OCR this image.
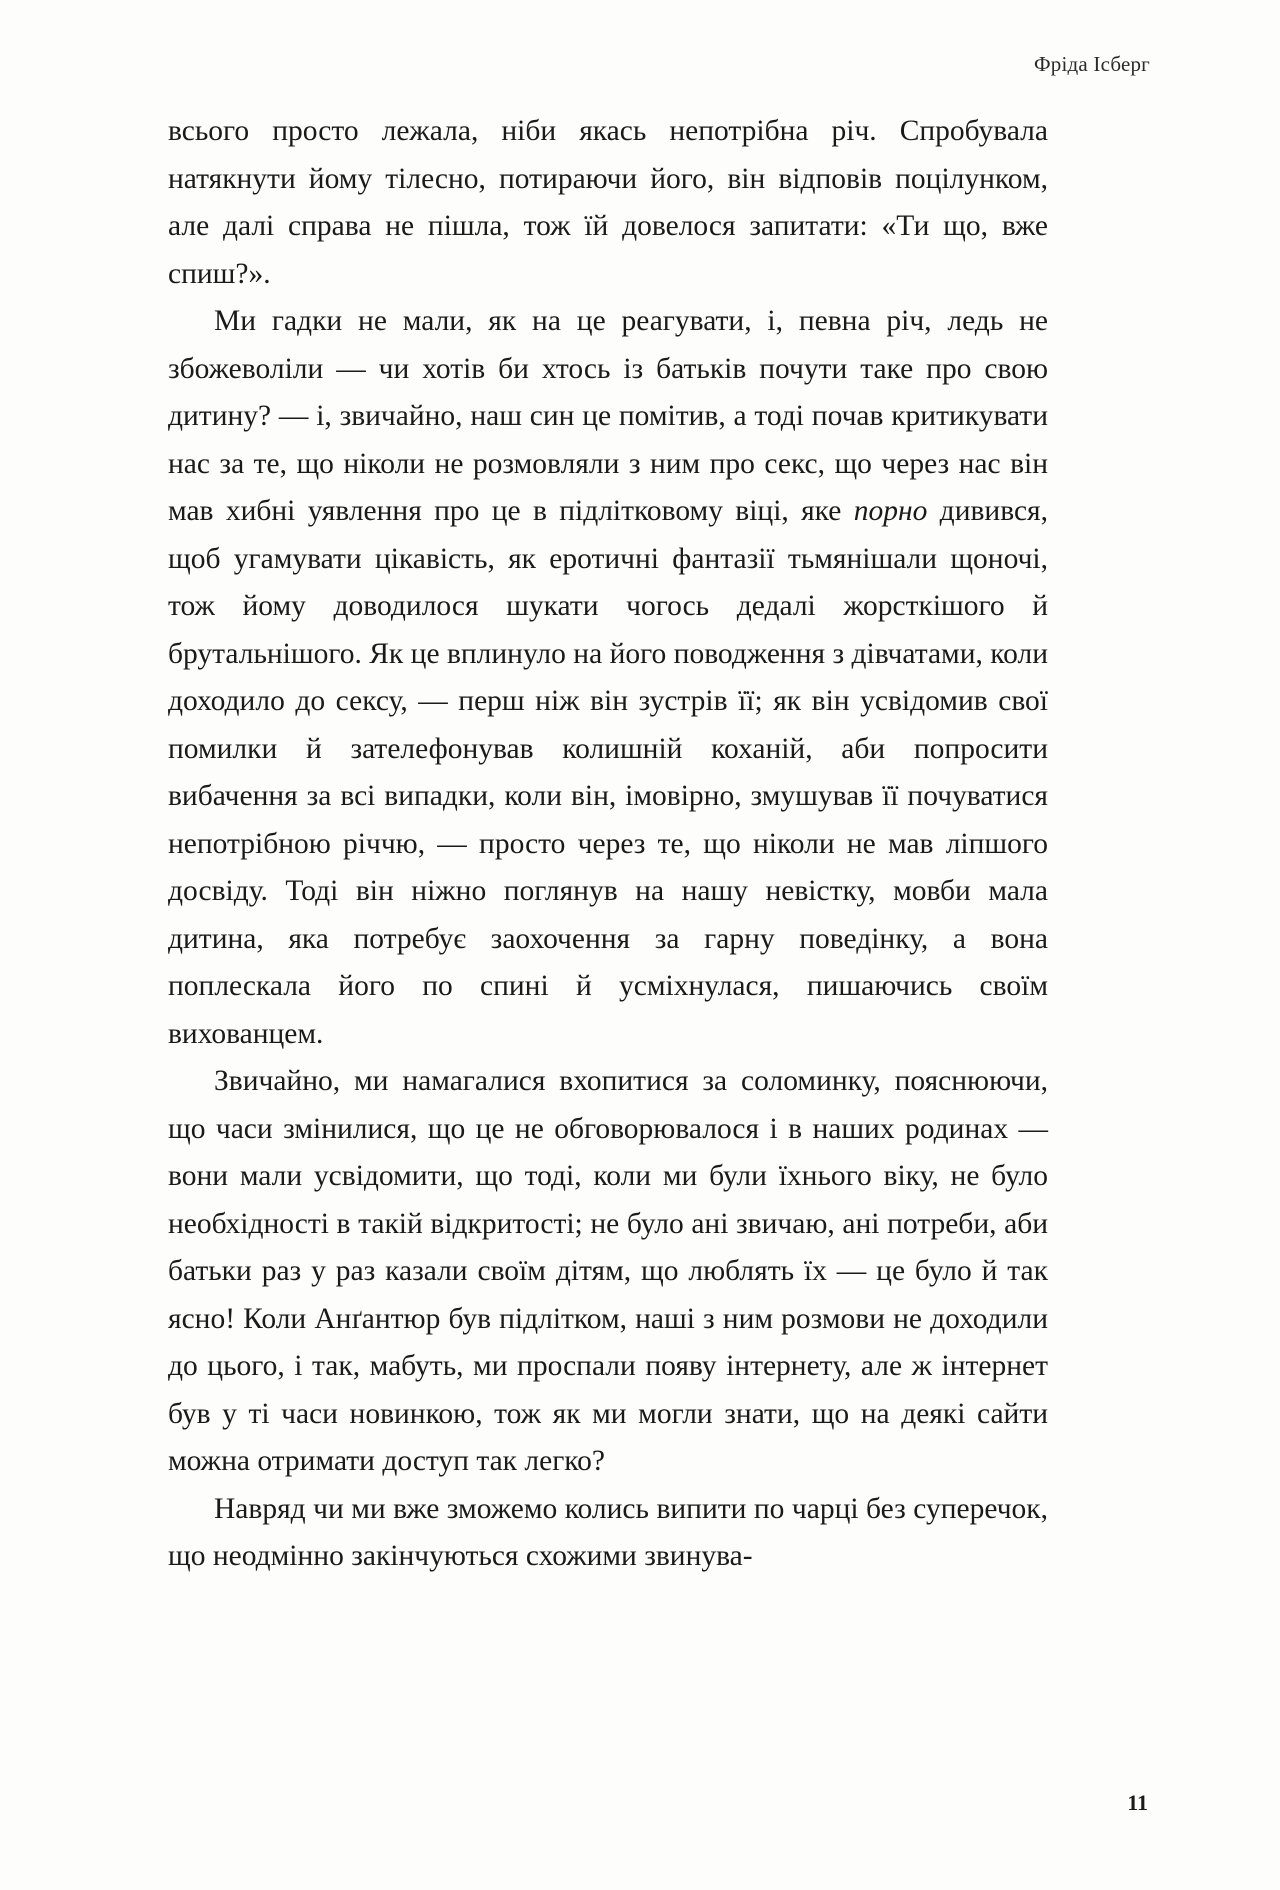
Фріда Ісберг

всього просто лежала, ніби якась непотрібна річ. Спробувала натякнути йому тілесно, потираючи його, він відповів поцілунком, але далі справа не пішла, тож їй довелося запитати: «Ти що, вже спиш?».

Ми гадки не мали, як на це реагувати, і, певна річ, ледь не збожеволіли — чи хотів би хтось із батьків почути таке про свою дитину? — і, звичайно, наш син це помітив, а тоді почав критикувати нас за те, що ніколи не розмовляли з ним про секс, що через нас він мав хибні уявлення про це в підлітковому віці, яке порно дивився, щоб угамувати цікавість, як еротичні фантазії тьмянішали щоночі, тож йому доводилося шукати чогось дедалі жорсткішого й брутальнішого. Як це вплинуло на його поводження з дівчатами, коли доходило до сексу, — перш ніж він зустрів її; як він усвідомив свої помилки й зателефонував колишній коханій, аби попросити вибачення за всі випадки, коли він, імовірно, змушував її почуватися непотрібною річчю, — просто через те, що ніколи не мав ліпшого досвіду. Тоді він ніжно поглянув на нашу невістку, мовби мала дитина, яка потребує заохочення за гарну поведінку, а вона поплескала його по спині й усміхнулася, пишаючись своїм вихованцем.

Звичайно, ми намагалися вхопитися за соломинку, пояснюючи, що часи змінилися, що це не обговорювалося і в наших родинах — вони мали усвідомити, що тоді, коли ми були їхнього віку, не було необхідності в такій відкритості; не було ані звичаю, ані потреби, аби батьки раз у раз казали своїм дітям, що люблять їх — це було й так ясно! Коли Анґантюр був підлітком, наші з ним розмови не доходили до цього, і так, мабуть, ми проспали появу інтернету, але ж інтернет був у ті часи новинкою, тож як ми могли знати, що на деякі сайти можна отримати доступ так легко?

Навряд чи ми вже зможемо колись випити по чарці без суперечок, що неодмінно закінчуються схожими звинува-

11
